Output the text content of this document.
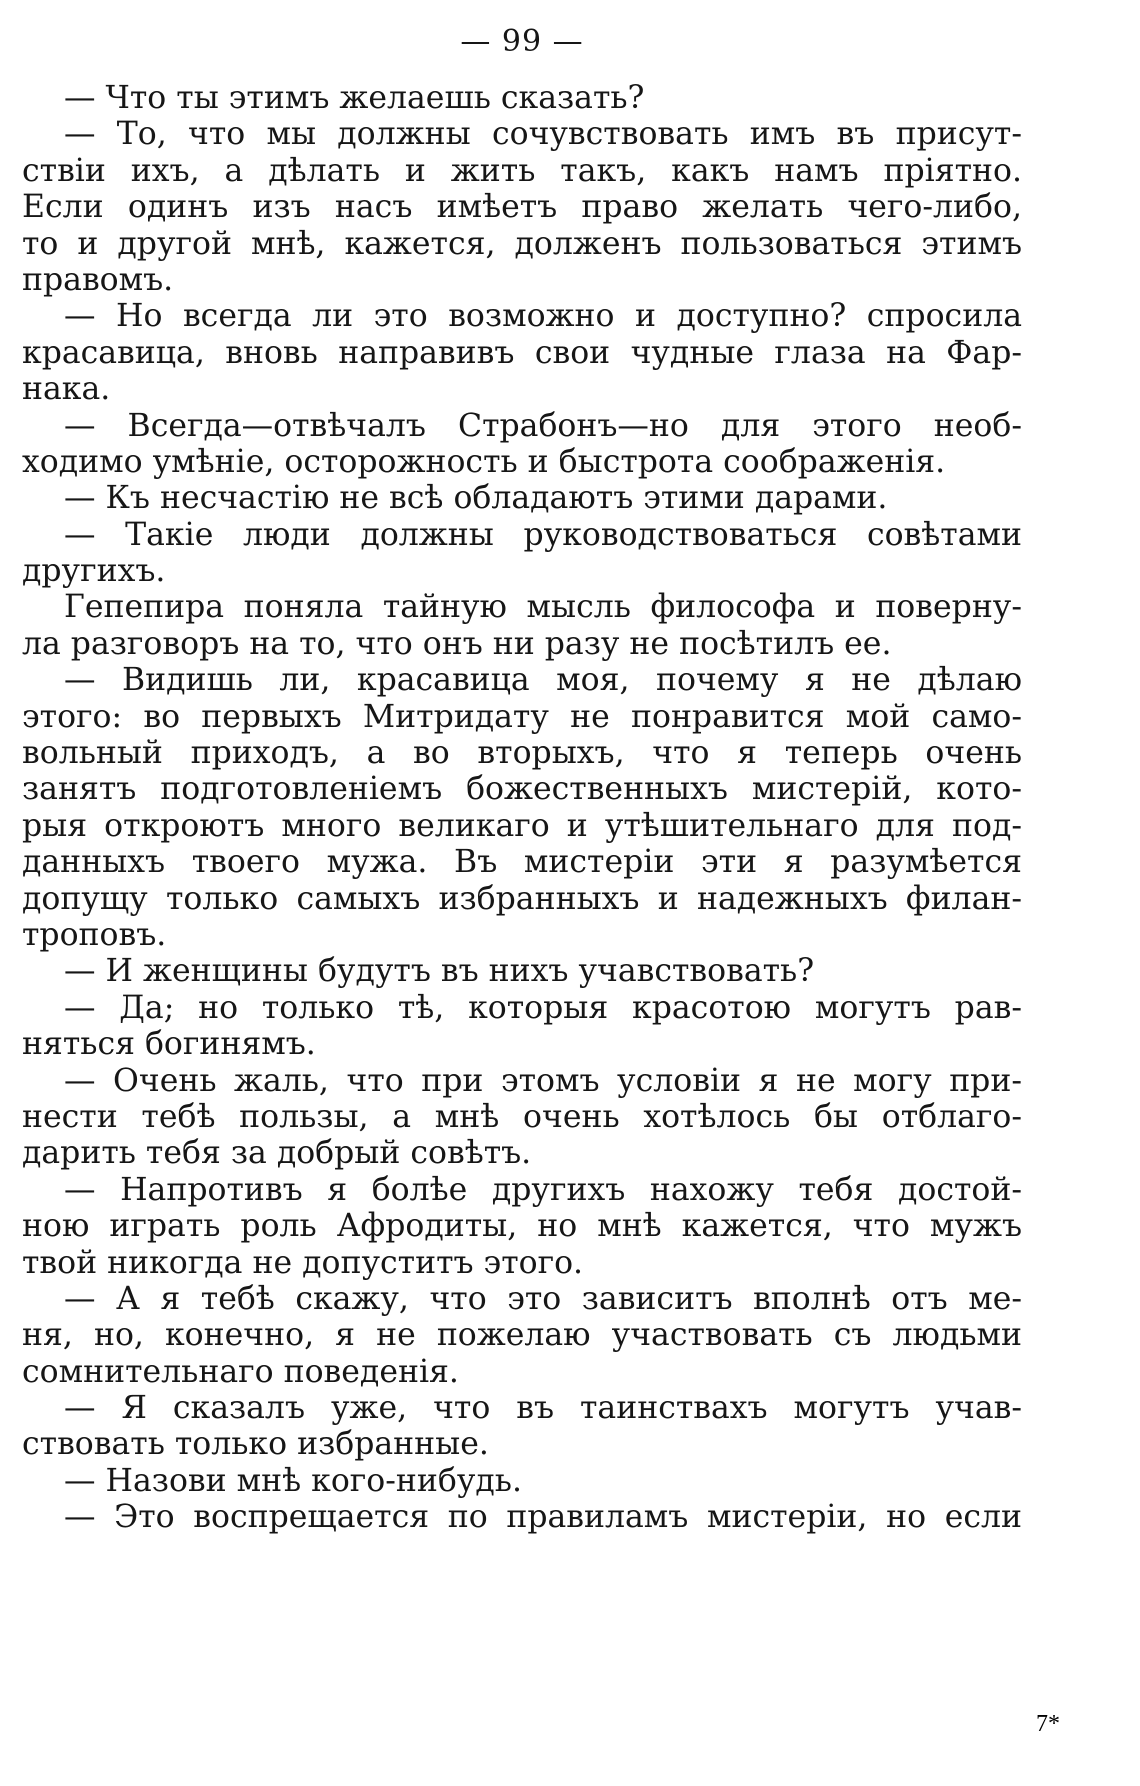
— 99 —
— Что ты этимъ желаешь сказать?
— То, что мы должны сочувствовать имъ въ присут-
ствіи ихъ, а дѣлать и жить такъ, какъ намъ пріятно.
Если одинъ изъ насъ имѣетъ право желать чего-либо,
то и другой мнѣ, кажется, долженъ пользоваться этимъ
правомъ.
— Но всегда ли это возможно и доступно? спросила
красавица, вновь направивъ свои чудные глаза на Фар-
нака.
— Всегда—отвѣчалъ Страбонъ—но для этого необ-
ходимо умѣніе, осторожность и быстрота соображенія.
— Къ несчастію не всѣ обладаютъ этими дарами.
— Такіе люди должны руководствоваться совѣтами
другихъ.
Гепепира поняла тайную мысль философа и поверну-
ла разговоръ на то, что онъ ни разу не посѣтилъ ее.
— Видишь ли, красавица моя, почему я не дѣлаю
этого: во первыхъ Митридату не понравится мой само-
вольный приходъ, а во вторыхъ, что я теперь очень
занятъ подготовленіемъ божественныхъ мистерій, кото-
рыя откроютъ много великаго и утѣшительнаго для под-
данныхъ твоего мужа. Въ мистеріи эти я разумѣется
допущу только самыхъ избранныхъ и надежныхъ филан-
троповъ.
— И женщины будутъ въ нихъ учавствовать?
— Да; но только тѣ, которыя красотою могутъ рав-
няться богинямъ.
— Очень жаль, что при этомъ условіи я не могу при-
нести тебѣ пользы, а мнѣ очень хотѣлось бы отблаго-
дарить тебя за добрый совѣтъ.
— Напротивъ я болѣе другихъ нахожу тебя достой-
ною играть роль Афродиты, но мнѣ кажется, что мужъ
твой никогда не допуститъ этого.
— А я тебѣ скажу, что это зависитъ вполнѣ отъ ме-
ня, но, конечно, я не пожелаю участвовать съ людьми
сомнительнаго поведенія.
— Я сказалъ уже, что въ таинствахъ могутъ учав-
ствовать только избранные.
— Назови мнѣ кого-нибудь.
— Это воспрещается по правиламъ мистеріи, но если
7*
